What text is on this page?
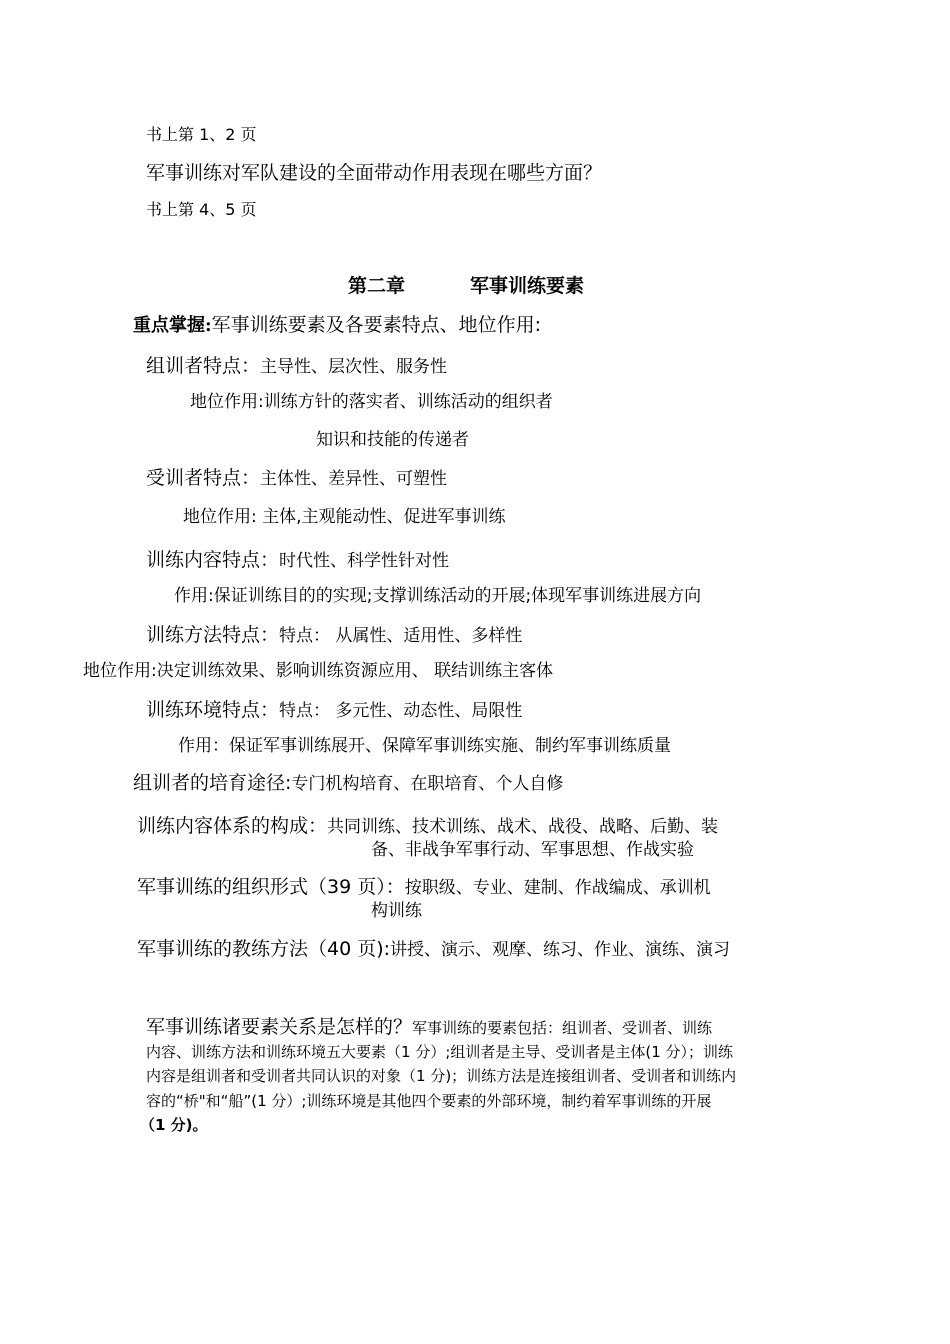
书上第 1、2 页
军事训练对军队建设的全面带动作用表现在哪些方面？
书上第 4、5 页
第二章	军事训练要素
重点掌握:军事训练要素及各要素特点、地位作用:
组训者特点：主导性、层次性、服务性
地位作用:训练方针的落实者、训练活动的组织者
知识和技能的传递者
受训者特点：主体性、差异性、可塑性
地位作用: 主体,主观能动性、促进军事训练
训练内容特点：时代性、科学性针对性
作用:保证训练目的的实现;支撑训练活动的开展;体现军事训练进展方向
训练方法特点：特点： 从属性、适用性、多样性
地位作用:决定训练效果、影响训练资源应用、 联结训练主客体
训练环境特点：特点： 多元性、动态性、局限性
作用：保证军事训练展开、保障军事训练实施、制约军事训练质量
组训者的培育途径:专门机构培育、在职培育、个人自修
训练内容体系的构成：共同训练、技术训练、战术、战役、战略、后勤、装
备、非战争军事行动、军事思想、作战实验
军事训练的组织形式（39 页）：按职级、专业、建制、作战编成、承训机
构训练
军事训练的教练方法（40 页):讲授、演示、观摩、练习、作业、演练、演习
军事训练诸要素关系是怎样的？军事训练的要素包括：组训者、受训者、训练
内容、训练方法和训练环境五大要素（1 分）;组训者是主导、受训者是主体(1 分）；训练
内容是组训者和受训者共同认识的对象（1 分)；训练方法是连接组训者、受训者和训练内
容的“桥"和“船”(1 分）;训练环境是其他四个要素的外部环境，制约着军事训练的开展
（1 分)。
